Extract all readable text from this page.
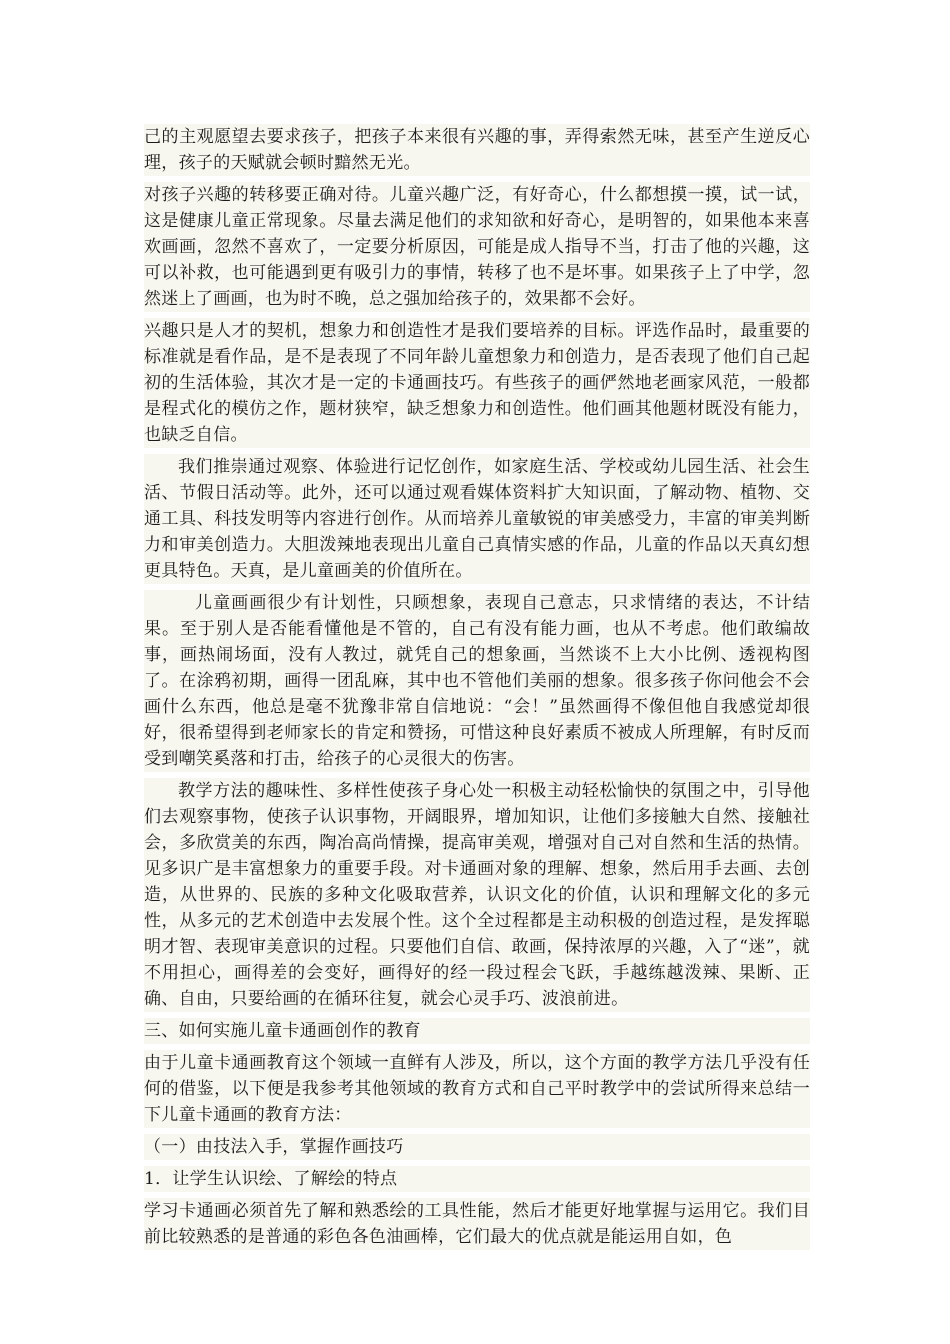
己的主观愿望去要求孩子，把孩子本来很有兴趣的事，弄得索然无味，甚至产生逆反心理，孩子的天赋就会顿时黯然无光。

对孩子兴趣的转移要正确对待。儿童兴趣广泛，有好奇心，什么都想摸一摸，试一试，这是健康儿童正常现象。尽量去满足他们的求知欲和好奇心，是明智的，如果他本来喜欢画画，忽然不喜欢了，一定要分析原因，可能是成人指导不当，打击了他的兴趣，这可以补救，也可能遇到更有吸引力的事情，转移了也不是坏事。如果孩子上了中学，忽然迷上了画画，也为时不晚，总之强加给孩子的，效果都不会好。

兴趣只是人才的契机，想象力和创造性才是我们要培养的目标。评选作品时，最重要的标准就是看作品，是不是表现了不同年龄儿童想象力和创造力，是否表现了他们自己起初的生活体验，其次才是一定的卡通画技巧。有些孩子的画俨然地老画家风范，一般都是程式化的模仿之作，题材狭窄，缺乏想象力和创造性。他们画其他题材既没有能力，也缺乏自信。

我们推崇通过观察、体验进行记忆创作，如家庭生活、学校或幼儿园生活、社会生活、节假日活动等。此外，还可以通过观看媒体资料扩大知识面，了解动物、植物、交通工具、科技发明等内容进行创作。从而培养儿童敏锐的审美感受力，丰富的审美判断力和审美创造力。大胆泼辣地表现出儿童自己真情实感的作品，儿童的作品以天真幻想更具特色。天真，是儿童画美的价值所在。

儿童画画很少有计划性，只顾想象，表现自己意志，只求情绪的表达，不计结果。至于别人是否能看懂他是不管的，自己有没有能力画，也从不考虑。他们敢编故事，画热闹场面，没有人教过，就凭自己的想象画，当然谈不上大小比例、透视构图了。在涂鸦初期，画得一团乱麻，其中也不管他们美丽的想象。很多孩子你问他会不会画什么东西，他总是毫不犹豫非常自信地说：“会！”虽然画得不像但他自我感觉却很好，很希望得到老师家长的肯定和赞扬，可惜这种良好素质不被成人所理解，有时反而受到嘲笑奚落和打击，给孩子的心灵很大的伤害。

教学方法的趣味性、多样性使孩子身心处一积极主动轻松愉快的氛围之中，引导他们去观察事物，使孩子认识事物，开阔眼界，增加知识，让他们多接触大自然、接触社会，多欣赏美的东西，陶冶高尚情操，提高审美观，增强对自己对自然和生活的热情。见多识广是丰富想象力的重要手段。对卡通画对象的理解、想象，然后用手去画、去创造，从世界的、民族的多种文化吸取营养，认识文化的价值，认识和理解文化的多元性，从多元的艺术创造中去发展个性。这个全过程都是主动积极的创造过程，是发挥聪明才智、表现审美意识的过程。只要他们自信、敢画，保持浓厚的兴趣，入了“迷”，就不用担心，画得差的会变好，画得好的经一段过程会飞跃，手越练越泼辣、果断、正确、自由，只要给画的在循环往复，就会心灵手巧、波浪前进。

三、如何实施儿童卡通画创作的教育

由于儿童卡通画教育这个领域一直鲜有人涉及，所以，这个方面的教学方法几乎没有任何的借鉴，以下便是我参考其他领域的教育方式和自己平时教学中的尝试所得来总结一下儿童卡通画的教育方法：

（一）由技法入手，掌握作画技巧

1．让学生认识绘、了解绘的特点

学习卡通画必须首先了解和熟悉绘的工具性能，然后才能更好地掌握与运用它。我们目前比较熟悉的是普通的彩色各色油画棒，它们最大的优点就是能运用自如，色
